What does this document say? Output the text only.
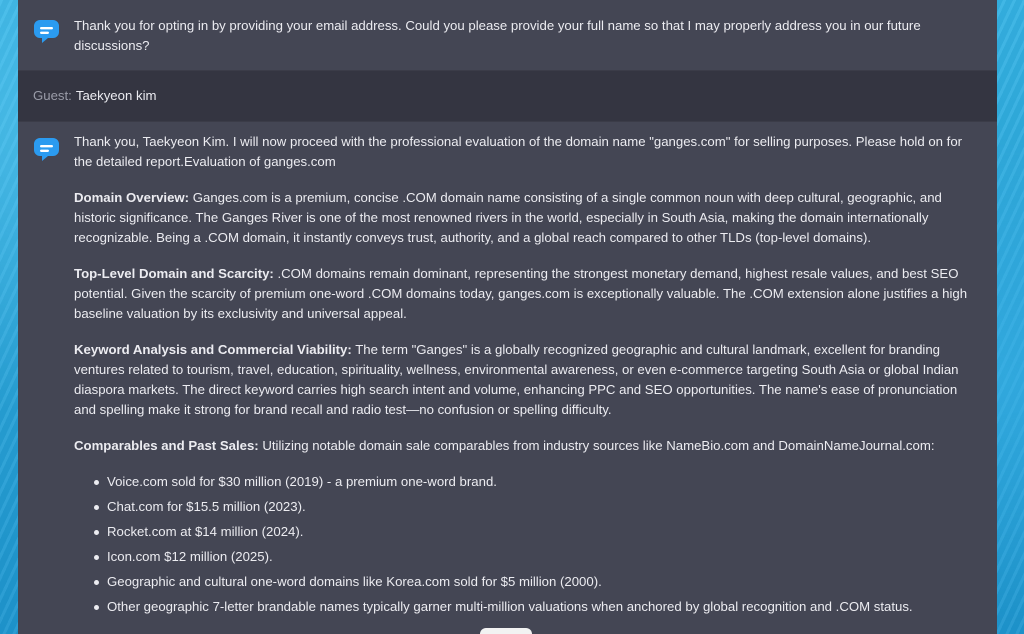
Thank you for opting in by providing your email address. Could you please provide your full name so that I may properly address you in our future discussions?
Guest: Taekyeon kim
Thank you, Taekyeon Kim. I will now proceed with the professional evaluation of the domain name "ganges.com" for selling purposes. Please hold on for the detailed report.Evaluation of ganges.com
Domain Overview: Ganges.com is a premium, concise .COM domain name consisting of a single common noun with deep cultural, geographic, and historic significance. The Ganges River is one of the most renowned rivers in the world, especially in South Asia, making the domain internationally recognizable. Being a .COM domain, it instantly conveys trust, authority, and a global reach compared to other TLDs (top-level domains).
Top-Level Domain and Scarcity: .COM domains remain dominant, representing the strongest monetary demand, highest resale values, and best SEO potential. Given the scarcity of premium one-word .COM domains today, ganges.com is exceptionally valuable. The .COM extension alone justifies a high baseline valuation by its exclusivity and universal appeal.
Keyword Analysis and Commercial Viability: The term "Ganges" is a globally recognized geographic and cultural landmark, excellent for branding ventures related to tourism, travel, education, spirituality, wellness, environmental awareness, or even e-commerce targeting South Asia or global Indian diaspora markets. The direct keyword carries high search intent and volume, enhancing PPC and SEO opportunities. The name's ease of pronunciation and spelling make it strong for brand recall and radio test—no confusion or spelling difficulty.
Comparables and Past Sales: Utilizing notable domain sale comparables from industry sources like NameBio.com and DomainNameJournal.com:
Voice.com sold for $30 million (2019) - a premium one-word brand.
Chat.com for $15.5 million (2023).
Rocket.com at $14 million (2024).
Icon.com $12 million (2025).
Geographic and cultural one-word domains like Korea.com sold for $5 million (2000).
Other geographic 7-letter brandable names typically garner multi-million valuations when anchored by global recognition and .COM status.
